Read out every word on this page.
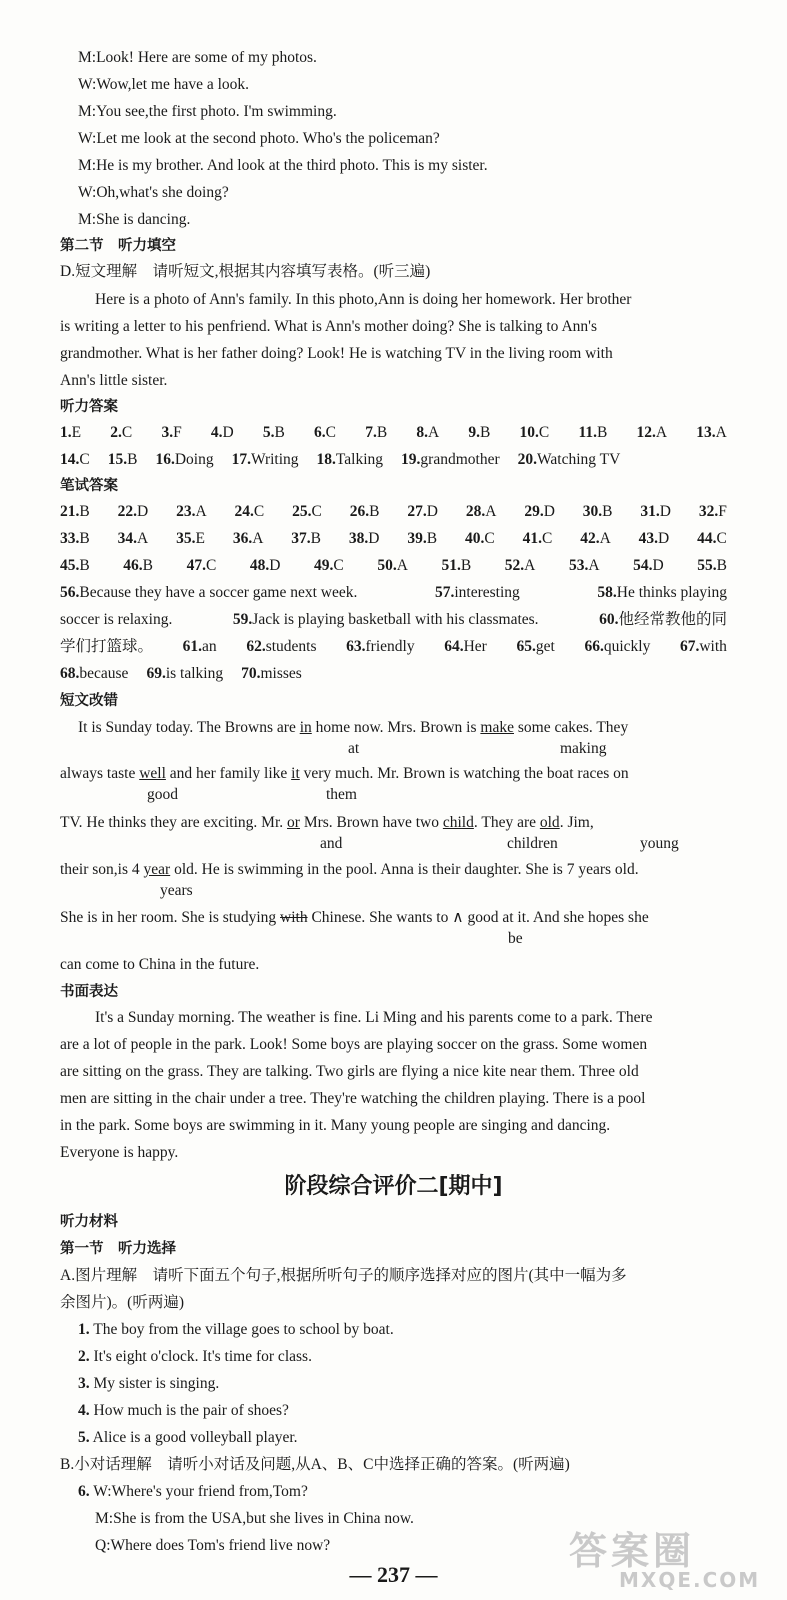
M:Look! Here are some of my photos.
W:Wow,let me have a look.
M:You see,the first photo. I'm swimming.
W:Let me look at the second photo. Who's the policeman?
M:He is my brother. And look at the third photo. This is my sister.
W:Oh,what's she doing?
M:She is dancing.
第二节　听力填空
D.短文理解　请听短文,根据其内容填写表格。(听三遍)
Here is a photo of Ann's family. In this photo,Ann is doing her homework. Her brother
is writing a letter to his penfriend. What is Ann's mother doing? She is talking to Ann's
grandmother. What is her father doing? Look! He is watching TV in the living room with
Ann's little sister.
听力答案
1.E 2.C 3.F 4.D 5.B 6.C 7.B 8.A 9.B 10.C 11.B 12.A 13.A
14.C 15.B 16.Doing 17.Writing 18.Talking 19.grandmother 20.Watching TV
笔试答案
21.B 22.D 23.A 24.C 25.C 26.B 27.D 28.A 29.D 30.B 31.D 32.F
33.B 34.A 35.E 36.A 37.B 38.D 39.B 40.C 41.C 42.A 43.D 44.C
45.B 46.B 47.C 48.D 49.C 50.A 51.B 52.A 53.A 54.D 55.B
56.Because they have a soccer game next week.	57.interesting	58.He thinks playing
soccer is relaxing.	59.Jack is playing basketball with his classmates.	60.他经常教他的同
学们打篮球。 61.an 62.students 63.friendly 64.Her 65.get 66.quickly 67.with
68.because 69.is talking 70.misses
短文改错
It is Sunday today. The Browns are in home now. Mrs. Brown is make some cakes. They
at	making
always taste well and her family like it very much. Mr. Brown is watching the boat races on
good	them
TV. He thinks they are exciting. Mr. or Mrs. Brown have two child. They are old. Jim,
and	children	young
their son,is 4 year old. He is swimming in the pool. Anna is their daughter. She is 7 years old.
years
She is in her room. She is studying with Chinese. She wants to ∧ good at it. And she hopes she
be
can come to China in the future.
书面表达
It's a Sunday morning. The weather is fine. Li Ming and his parents come to a park. There
are a lot of people in the park. Look! Some boys are playing soccer on the grass. Some women
are sitting on the grass. They are talking. Two girls are flying a nice kite near them. Three old
men are sitting in the chair under a tree. They're watching the children playing. There is a pool
in the park. Some boys are swimming in it. Many young people are singing and dancing.
Everyone is happy.
阶段综合评价二[期中]
听力材料
第一节　听力选择
A.图片理解　请听下面五个句子,根据所听句子的顺序选择对应的图片(其中一幅为多
余图片)。(听两遍)
1. The boy from the village goes to school by boat.
2. It's eight o'clock. It's time for class.
3. My sister is singing.
4. How much is the pair of shoes?
5. Alice is a good volleyball player.
B.小对话理解　请听小对话及问题,从A、B、C中选择正确的答案。(听两遍)
6. W:Where's your friend from,Tom?
M:She is from the USA,but she lives in China now.
Q:Where does Tom's friend live now?
— 237 —
答案圈
MXQE.COM
